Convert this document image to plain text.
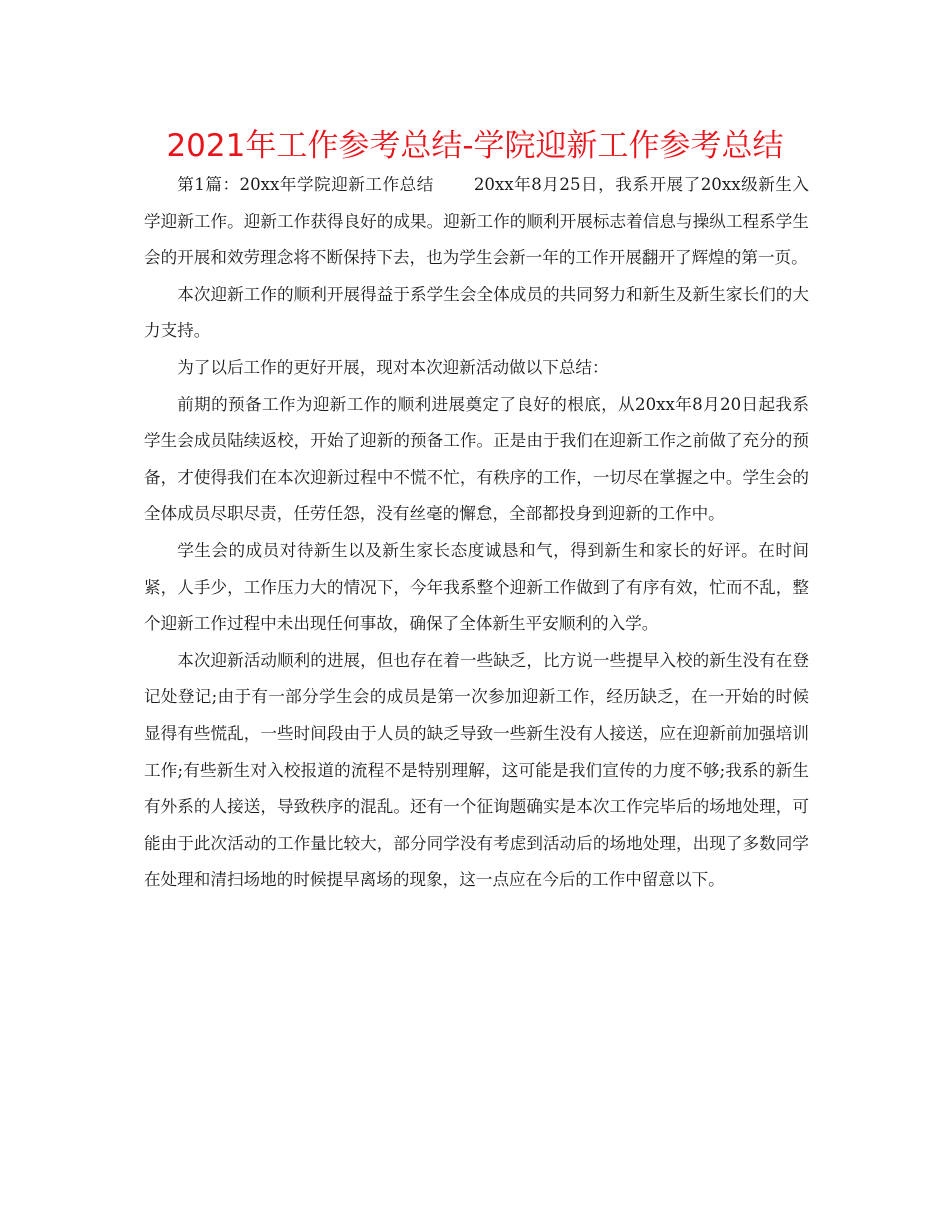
2021年工作参考总结-学院迎新工作参考总结

第1篇：20xx年学院迎新工作总结 20xx年8月25日，我系开展了20xx级新生入学迎新工作。迎新工作获得良好的成果。迎新工作的顺利开展标志着信息与操纵工程系学生会的开展和效劳理念将不断保持下去，也为学生会新一年的工作开展翻开了辉煌的第一页。

本次迎新工作的顺利开展得益于系学生会全体成员的共同努力和新生及新生家长们的大力支持。

为了以后工作的更好开展，现对本次迎新活动做以下总结：

前期的预备工作为迎新工作的顺利进展奠定了良好的根底，从20xx年8月20日起我系学生会成员陆续返校，开始了迎新的预备工作。正是由于我们在迎新工作之前做了充分的预备，才使得我们在本次迎新过程中不慌不忙，有秩序的工作，一切尽在掌握之中。学生会的全体成员尽职尽责，任劳任怨，没有丝毫的懈怠，全部都投身到迎新的工作中。

学生会的成员对待新生以及新生家长态度诚恳和气，得到新生和家长的好评。在时间紧，人手少，工作压力大的情况下，今年我系整个迎新工作做到了有序有效，忙而不乱，整个迎新工作过程中未出现任何事故，确保了全体新生平安顺利的入学。

本次迎新活动顺利的进展，但也存在着一些缺乏，比方说一些提早入校的新生没有在登记处登记;由于有一部分学生会的成员是第一次参加迎新工作，经历缺乏，在一开始的时候显得有些慌乱，一些时间段由于人员的缺乏导致一些新生没有人接送，应在迎新前加强培训工作;有些新生对入校报道的流程不是特别理解，这可能是我们宣传的力度不够;我系的新生有外系的人接送，导致秩序的混乱。还有一个征询题确实是本次工作完毕后的场地处理，可能由于此次活动的工作量比较大，部分同学没有考虑到活动后的场地处理，出现了多数同学在处理和清扫场地的时候提早离场的现象，这一点应在今后的工作中留意以下。
